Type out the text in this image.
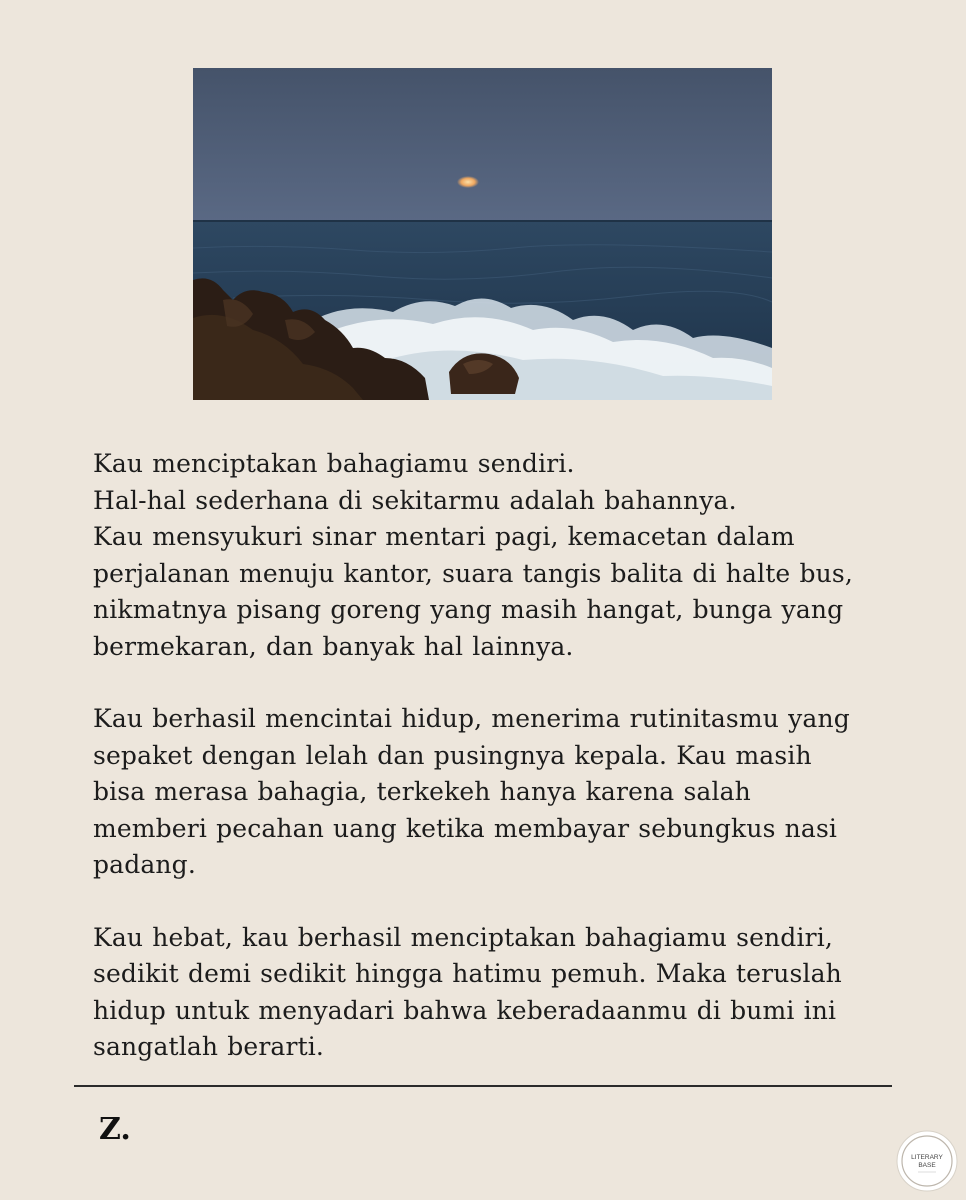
Kau menciptakan bahagiamu sendiri.
Hal-hal sederhana di sekitarmu adalah bahannya.
Kau mensyukuri sinar mentari pagi, kemacetan dalam
perjalanan menuju kantor, suara tangis balita di halte bus,
nikmatnya pisang goreng yang masih hangat, bunga yang
bermekaran, dan banyak hal lainnya.

Kau berhasil mencintai hidup, menerima rutinitasmu yang
sepaket dengan lelah dan pusingnya kepala. Kau masih
bisa merasa bahagia, terkekeh hanya karena salah
memberi pecahan uang ketika membayar sebungkus nasi
padang.

Kau hebat, kau berhasil menciptakan bahagiamu sendiri,
sedikit demi sedikit hingga hatimu pemuh. Maka teruslah
hidup untuk menyadari bahwa keberadaanmu di bumi ini
sangatlah berarti.

Z.
LITERARY
BASE
